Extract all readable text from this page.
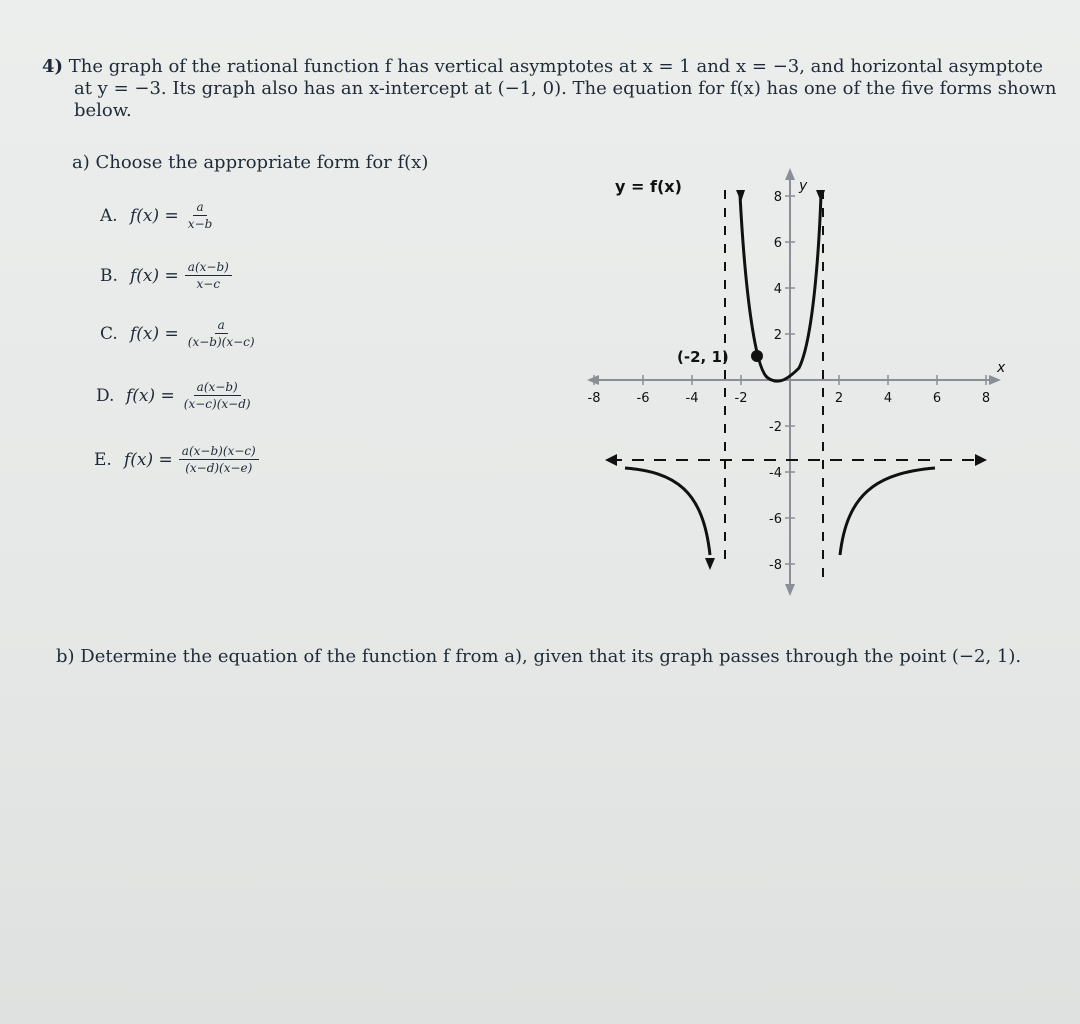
4) The graph of the rational function f has vertical asymptotes at x = 1 and x = −3, and horizontal asymptote
at y = −3. Its graph also has an x-intercept at (−1, 0). The equation for f(x) has one of the five forms shown
below.
a) Choose the appropriate form for f(x)
A. $f(x) = \frac{a}{x-b}$
B. $f(x) = \frac{a(x-b)}{x-c}$
C. $f(x) = \frac{a}{(x-b)(x-c)}$
D. $f(x) = \frac{a(x-b)}{(x-c)(x-d)}$
E. $f(x) = \frac{a(x-b)(x-c)}{(x-d)(x-e)}$
y = f(x)
-8	-6	-4	-2	2	4	6	8
8
6
4
2
-2
-4
-6
-8
(-2, 1)
x
y
b) Determine the equation of the function f from a), given that its graph passes through the point (−2, 1).
